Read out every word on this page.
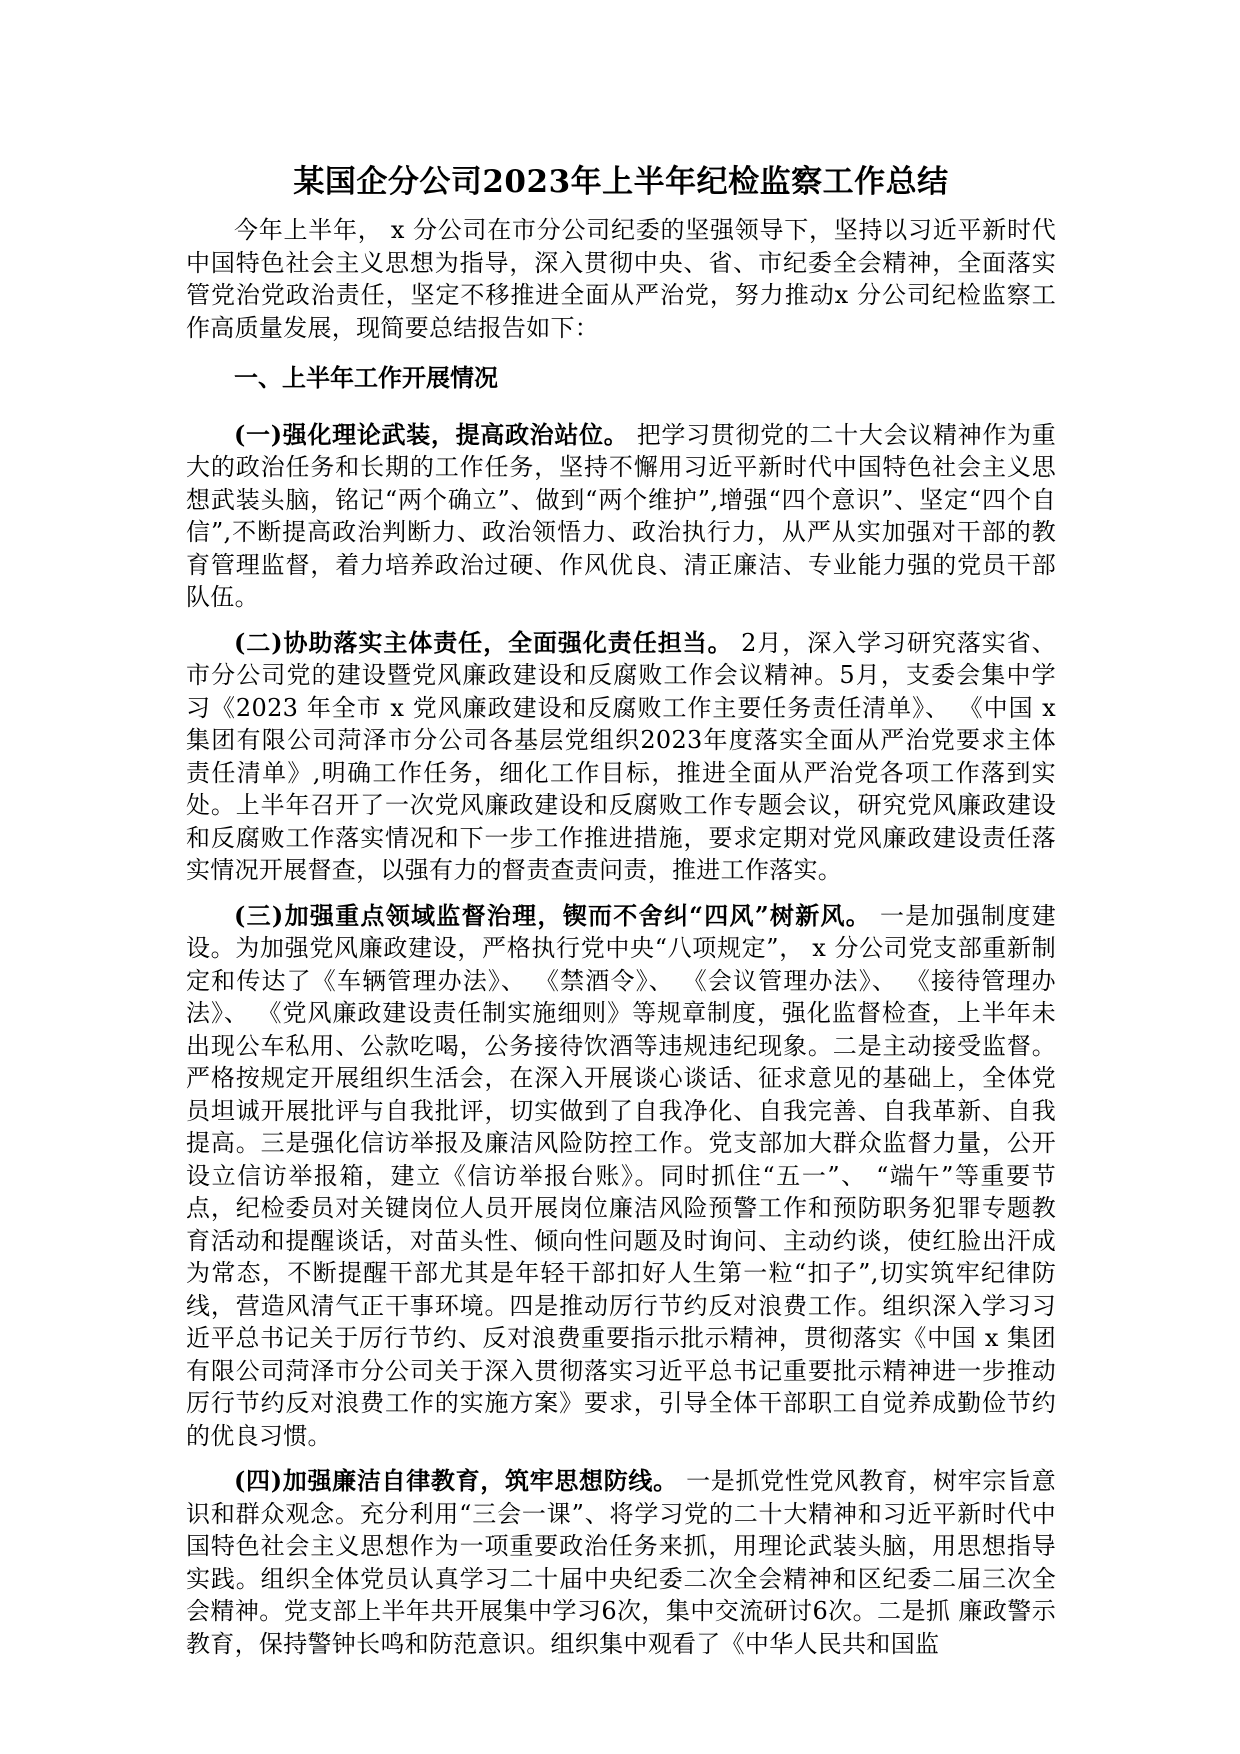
某国企分公司2023年上半年纪检监察工作总结

今年上半年， x 分公司在市分公司纪委的坚强领导下，坚持以习近平新时代 中国特色社会主义思想为指导，深入贯彻中央、省、市纪委全会精神，全面落实 管党治党政治责任，坚定不移推进全面从严治党，努力推动x 分公司纪检监察工 作高质量发展，现简要总结报告如下：

一、上半年工作开展情况

(一)强化理论武装，提高政治站位。 把学习贯彻党的二十大会议精神作为重大的政治任务和长期的工作任务，坚持不懈用习近平新时代中国特色社会主义思想武装头脑，铭记“两个确立”、做到“两个维护”,增强“四个意识”、坚定“四个自信”,不断提高政治判断力、政治领悟力、政治执行力，从严从实加强对干部的教育管理监督，着力培养政治过硬、作风优良、清正廉洁、专业能力强的党员干部队伍。

(二)协助落实主体责任，全面强化责任担当。 2月，深入学习研究落实省、 市分公司党的建设暨党风廉政建设和反腐败工作会议精神。5月，支委会集中学 习《2023 年全市 x 党风廉政建设和反腐败工作主要任务责任清单》、 《中国 x 集团有限公司菏泽市分公司各基层党组织2023年度落实全面从严治党要求主体 责任清单》,明确工作任务，细化工作目标，推进全面从严治党各项工作落到实 处。上半年召开了一次党风廉政建设和反腐败工作专题会议，研究党风廉政建设 和反腐败工作落实情况和下一步工作推进措施，要求定期对党风廉政建设责任落 实情况开展督查，以强有力的督责查责问责，推进工作落实。

(三)加强重点领域监督治理，锲而不舍纠“四风”树新风。 一是加强制度建设。为加强党风廉政建设，严格执行党中央“八项规定”， x 分公司党支部重新制定和传达了《车辆管理办法》、 《禁酒令》、 《会议管理办法》、 《接待管理办法》、 《党风廉政建设责任制实施细则》等规章制度，强化监督检查，上半年未出现公车私用、公款吃喝，公务接待饮酒等违规违纪现象。二是主动接受监督。严格按规定开展组织生活会，在深入开展谈心谈话、征求意见的基础上，全体党员坦诚开展批评与自我批评，切实做到了自我净化、自我完善、自我革新、自我提高。三是强化信访举报及廉洁风险防控工作。党支部加大群众监督力量，公开设立信访举报箱，建立《信访举报台账》。同时抓住“五一”、 “端午”等重要节点，纪检委员对关键岗位人员开展岗位廉洁风险预警工作和预防职务犯罪专题教育活动和提醒谈话，对苗头性、倾向性问题及时询问、主动约谈，使红脸出汗成为常态，不断提醒干部尤其是年轻干部扣好人生第一粒“扣子”,切实筑牢纪律防线，营造风清气正干事环境。四是推动厉行节约反对浪费工作。组织深入学习习近平总书记关于厉行节约、反对浪费重要指示批示精神，贯彻落实《中国 x 集团有限公司菏泽市分公司关于深入贯彻落实习近平总书记重要批示精神进一步推动厉行节约反对浪费工作的实施方案》要求，引导全体干部职工自觉养成勤俭节约的优良习惯。

(四)加强廉洁自律教育，筑牢思想防线。 一是抓党性党风教育，树牢宗旨意识和群众观念。充分利用“三会一课”、将学习党的二十大精神和习近平新时代中国特色社会主义思想作为一项重要政治任务来抓，用理论武装头脑，用思想指导实践。组织全体党员认真学习二十届中央纪委二次全会精神和区纪委二届三次全会精神。党支部上半年共开展集中学习6次，集中交流研讨6次。二是抓 廉政警示教育，保持警钟长鸣和防范意识。组织集中观看了《中华人民共和国监
